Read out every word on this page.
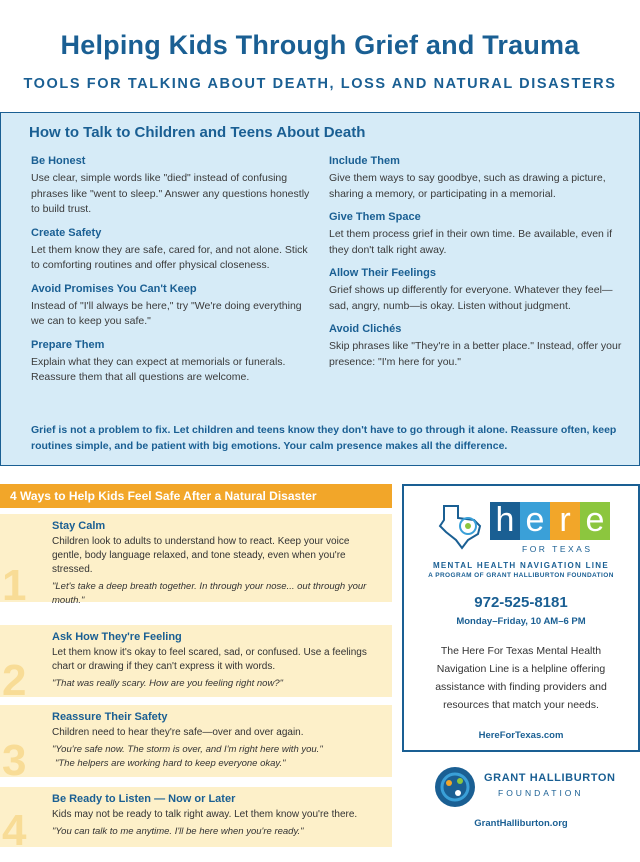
Helping Kids Through Grief and Trauma
TOOLS FOR TALKING ABOUT DEATH, LOSS AND NATURAL DISASTERS
How to Talk to Children and Teens About Death
Be Honest
Use clear, simple words like "died" instead of confusing phrases like "went to sleep." Answer any questions honestly to build trust.
Create Safety
Let them know they are safe, cared for, and not alone. Stick to comforting routines and offer physical closeness.
Avoid Promises You Can't Keep
Instead of "I'll always be here," try "We're doing everything we can to keep you safe."
Prepare Them
Explain what they can expect at memorials or funerals. Reassure them that all questions are welcome.
Include Them
Give them ways to say goodbye, such as drawing a picture, sharing a memory, or participating in a memorial.
Give Them Space
Let them process grief in their own time. Be available, even if they don't talk right away.
Allow Their Feelings
Grief shows up differently for everyone. Whatever they feel—sad, angry, numb—is okay. Listen without judgment.
Avoid Clichés
Skip phrases like "They're in a better place." Instead, offer your presence: "I'm here for you."
Grief is not a problem to fix. Let children and teens know they don't have to go through it alone. Reassure often, keep routines simple, and be patient with big emotions. Your calm presence makes all the difference.
4 Ways to Help Kids Feel Safe After a Natural Disaster
1
Stay Calm
Children look to adults to understand how to react. Keep your voice gentle, body language relaxed, and tone steady, even when you're stressed.
"Let's take a deep breath together. In through your nose... out through your mouth."
2
Ask How They're Feeling
Let them know it's okay to feel scared, sad, or confused. Use a feelings chart or drawing if they can't express it with words.
"That was really scary. How are you feeling right now?"
3
Reassure Their Safety
Children need to hear they're safe—over and over again.
"You're safe now. The storm is over, and I'm right here with you."
"The helpers are working hard to keep everyone okay."
4
Be Ready to Listen — Now or Later
Kids may not be ready to talk right away. Let them know you're there.
"You can talk to me anytime. I'll be here when you're ready."
h e r e
FOR TEXAS
MENTAL HEALTH NAVIGATION LINE
A PROGRAM OF GRANT HALLIBURTON FOUNDATION
972-525-8181
Monday–Friday, 10 AM–6 PM
The Here For Texas Mental Health Navigation Line is a helpline offering assistance with finding providers and resources that match your needs.
HereForTexas.com
GRANT HALLIBURTON
FOUNDATION
GrantHalliburton.org
